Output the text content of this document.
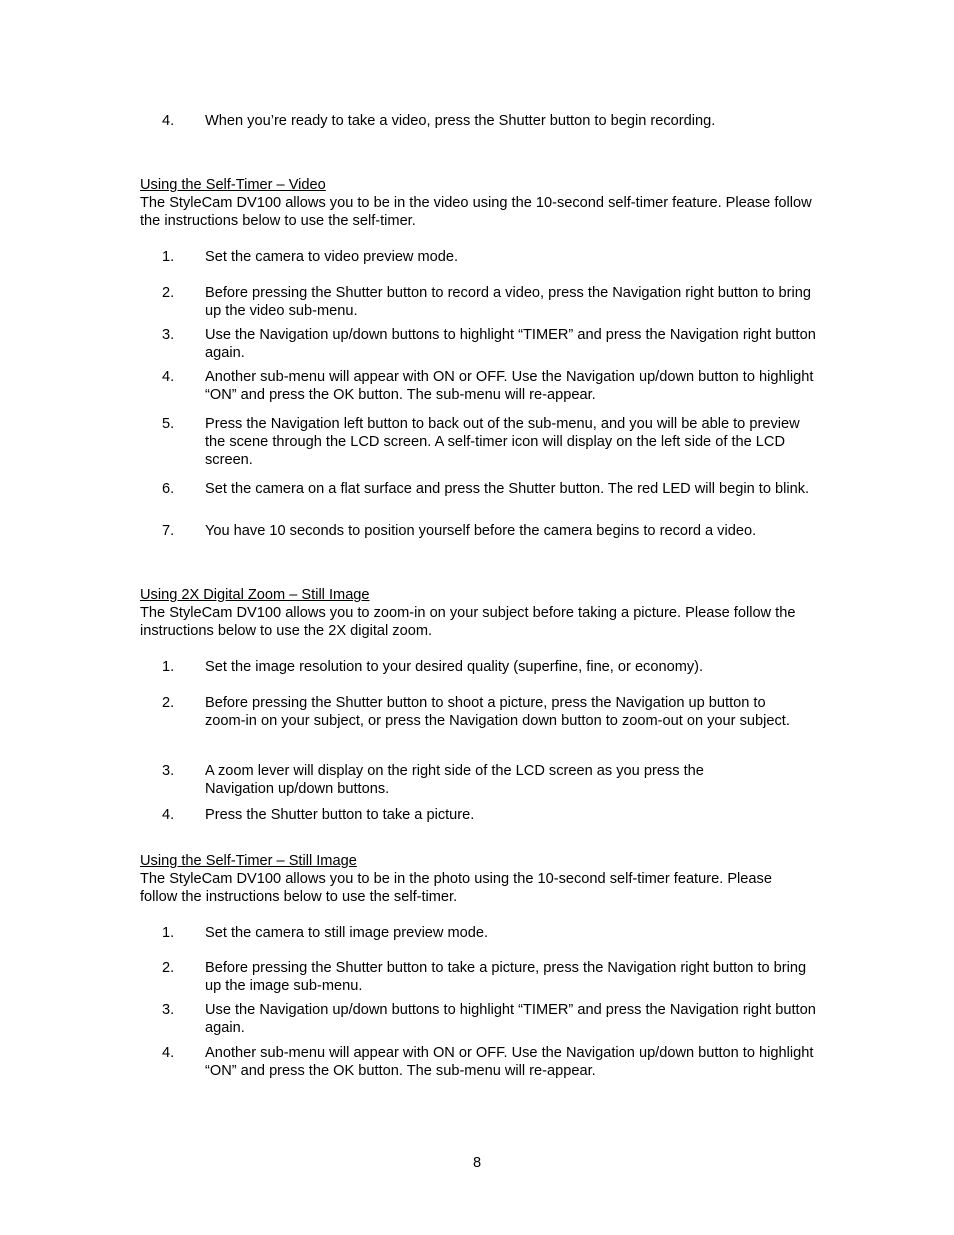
4.	When you’re ready to take a video, press the Shutter button to begin recording.
Using the Self-Timer – Video
The StyleCam DV100 allows you to be in the video using the 10-second self-timer feature. Please follow the instructions below to use the self-timer.
1.	Set the camera to video preview mode.
2.	Before pressing the Shutter button to record a video, press the Navigation right button to bring up the video sub-menu.
3.	Use the Navigation up/down buttons to highlight “TIMER” and press the Navigation right button again.
4.	Another sub-menu will appear with ON or OFF. Use the Navigation up/down button to highlight “ON” and press the OK button. The sub-menu will re-appear.
5.	Press the Navigation left button to back out of the sub-menu, and you will be able to preview the scene through the LCD screen. A self-timer icon will display on the left side of the LCD screen.
6.	Set the camera on a flat surface and press the Shutter button. The red LED will begin to blink.
7.	You have 10 seconds to position yourself before the camera begins to record a video.
Using 2X Digital Zoom – Still Image
The StyleCam DV100 allows you to zoom-in on your subject before taking a picture. Please follow the instructions below to use the 2X digital zoom.
1.	Set the image resolution to your desired quality (superfine, fine, or economy).
2.	Before pressing the Shutter button to shoot a picture, press the Navigation up button to zoom-in on your subject, or press the Navigation down button to zoom-out on your subject.
3.	A zoom lever will display on the right side of the LCD screen as you press the Navigation up/down buttons.
4.	Press the Shutter button to take a picture.
Using the Self-Timer – Still Image
The StyleCam DV100 allows you to be in the photo using the 10-second self-timer feature. Please follow the instructions below to use the self-timer.
1.	Set the camera to still image preview mode.
2.	Before pressing the Shutter button to take a picture, press the Navigation right button to bring up the image sub-menu.
3.	Use the Navigation up/down buttons to highlight “TIMER” and press the Navigation right button again.
4.	Another sub-menu will appear with ON or OFF. Use the Navigation up/down button to highlight “ON” and press the OK button. The sub-menu will re-appear.
8
